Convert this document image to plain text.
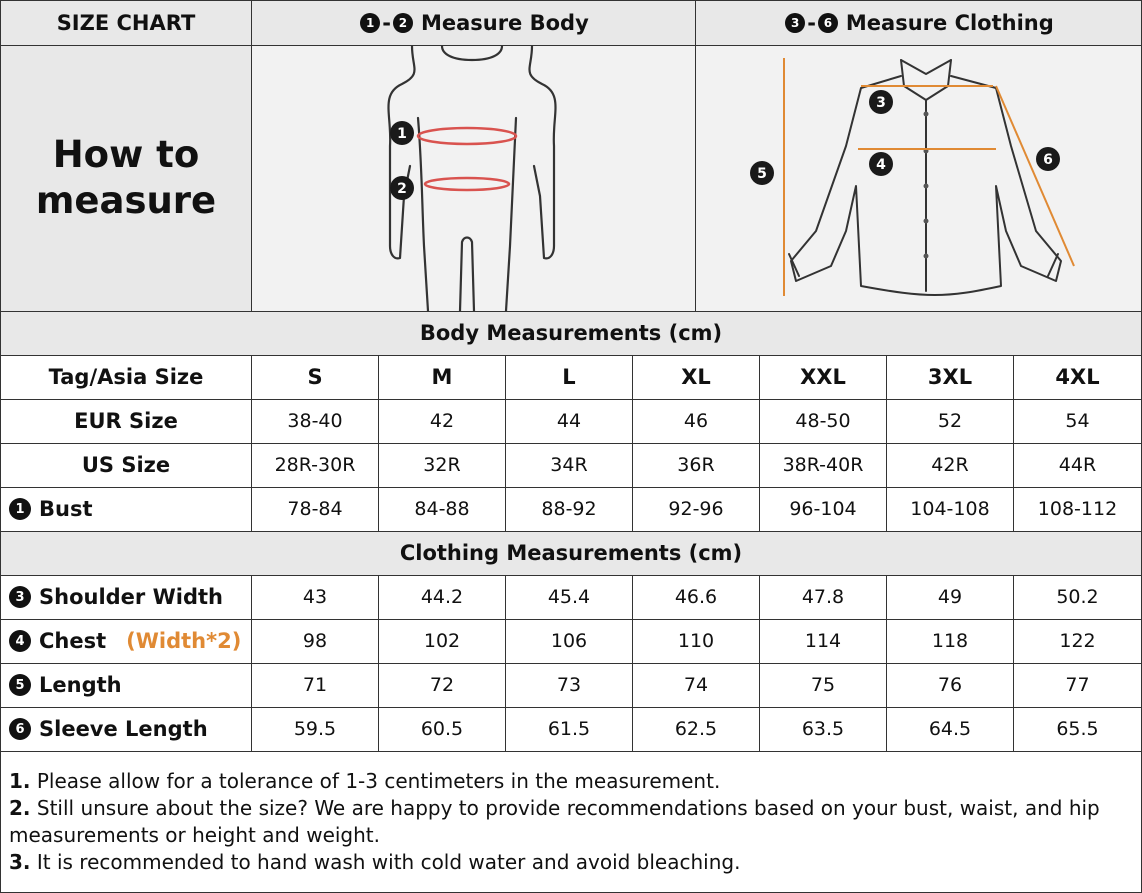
SIZE CHART	1 - 2 Measure Body	3 - 6 Measure Clothing
How to
measure
1
2
3
4
5
6
Body Measurements (cm)
Clothing Measurements (cm)
Tag/Asia Size	S	M	L	XL	XXL	3XL	4XL
EUR Size	38-40	42	44	46	48-50	52	54
US Size	28R-30R	32R	34R	36R	38R-40R	42R	44R
1 Bust	78-84	84-88	88-92	92-96	96-104	104-108	108-112
3 Shoulder Width	43	44.2	45.4	46.6	47.8	49	50.2
4 Chest (Width*2)	98	102	106	110	114	118	122
5 Length	71	72	73	74	75	76	77
6 Sleeve Length	59.5	60.5	61.5	62.5	63.5	64.5	65.5
1. Please allow for a tolerance of 1-3 centimeters in the measurement.
2. Still unsure about the size? We are happy to provide recommendations based on your bust, waist, and hip measurements or height and weight.
3. It is recommended to hand wash with cold water and avoid bleaching.
